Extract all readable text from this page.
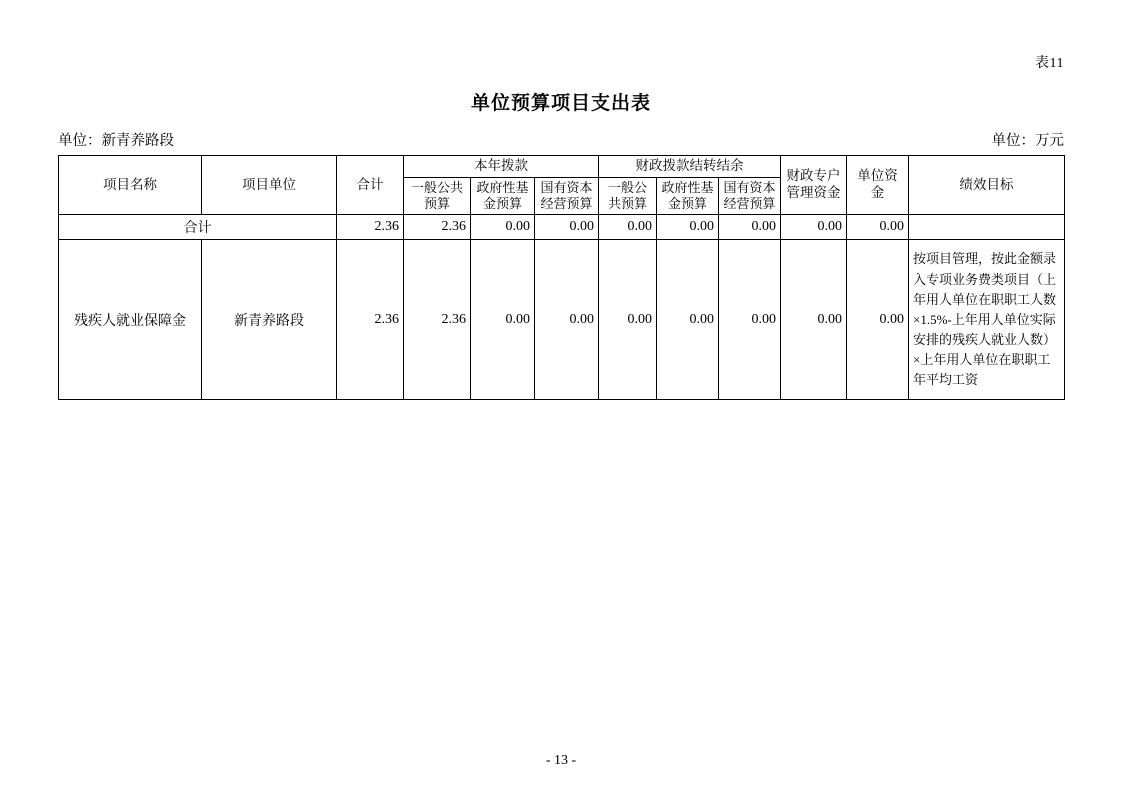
表11
单位预算项目支出表
单位：新青养路段	单位：万元
项目名称	项目单位	合计	本年拨款			财政拨款结转结余			财政专户管理资金	单位资金	绩效目标
			一般公共预算	政府性基金预算	国有资本经营预算	一般公共预算	政府性基金预算	国有资本经营预算			
合计		2.36	2.36	0.00	0.00	0.00	0.00	0.00	0.00	0.00	
残疾人就业保障金	新青养路段	2.36	2.36	0.00	0.00	0.00	0.00	0.00	0.00	0.00	按项目管理，按此金额录入专项业务费类项目（上年用人单位在职职工人数×1.5%-上年用人单位实际安排的残疾人就业人数）×上年用人单位在职职工年平均工资
- 13 -
